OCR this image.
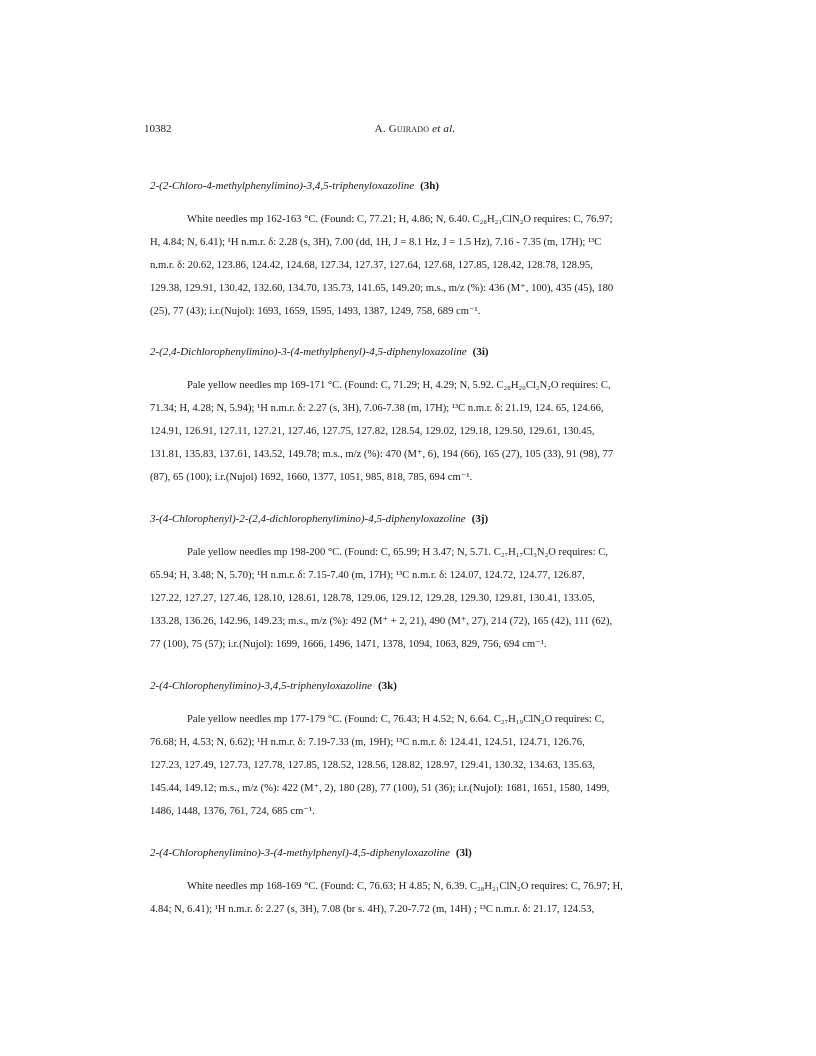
10382	A. Guirado et al.
2-(2-Chloro-4-methylphenylimino)-3,4,5-triphenyloxazoline (3h)
White needles mp 162-163 °C. (Found: C, 77.21; H, 4.86; N, 6.40. C₂₈H₂₁ClN₂O requires: C, 76.97;
H, 4.84; N, 6.41); ¹H n.m.r. δ: 2.28 (s, 3H), 7.00 (dd, 1H, J = 8.1 Hz, J = 1.5 Hz), 7.16 - 7.35 (m, 17H); ¹³C
n.m.r. δ: 20.62, 123.86, 124.42, 124.68, 127.34, 127.37, 127.64, 127.68, 127.85, 128.42, 128.78, 128.95,
129.38, 129.91, 130.42, 132.60, 134.70, 135.73, 141.65, 149.20; m.s., m/z (%): 436 (M⁺, 100), 435 (45), 180
(25), 77 (43); i.r.(Nujol): 1693, 1659, 1595, 1493, 1387, 1249, 758, 689 cm⁻¹.
2-(2,4-Dichlorophenylimino)-3-(4-methylphenyl)-4,5-diphenyloxazoline (3i)
Pale yellow needles mp 169-171 °C. (Found: C, 71.29; H, 4.29; N, 5.92. C₂₈H₂₀Cl₂N₂O requires: C,
71.34; H, 4.28; N, 5.94); ¹H n.m.r. δ: 2.27 (s, 3H), 7.06-7.38 (m, 17H); ¹³C n.m.r. δ: 21.19, 124. 65, 124.66,
124.91, 126.91, 127.11, 127.21, 127.46, 127.75, 127.82, 128.54, 129.02, 129.18, 129.50, 129.61, 130.45,
131.81, 135.83, 137.61, 143.52, 149.78; m.s., m/z (%): 470 (M⁺, 6), 194 (66), 165 (27), 105 (33), 91 (98), 77
(87), 65 (100); i.r.(Nujol) 1692, 1660, 1377, 1051, 985, 818, 785, 694 cm⁻¹.
3-(4-Chlorophenyl)-2-(2,4-dichlorophenylimino)-4,5-diphenyloxazoline (3j)
Pale yellow needles mp 198-200 °C. (Found: C, 65.99; H 3.47; N, 5.71. C₂₇H₁₇Cl₃N₂O requires: C,
65.94; H, 3.48; N, 5.70); ¹H n.m.r. δ: 7.15-7.40 (m, 17H); ¹³C n.m.r. δ: 124.07, 124.72, 124.77, 126.87,
127.22, 127.27, 127.46, 128.10, 128.61, 128.78, 129.06, 129.12, 129.28, 129.30, 129.81, 130.41, 133.05,
133.28, 136.26, 142.96, 149.23; m.s., m/z (%): 492 (M⁺ + 2, 21), 490 (M⁺, 27), 214 (72), 165 (42), 111 (62),
77 (100), 75 (57); i.r.(Nujol): 1699, 1666, 1496, 1471, 1378, 1094, 1063, 829, 756, 694 cm⁻¹.
2-(4-Chlorophenylimino)-3,4,5-triphenyloxazoline (3k)
Pale yellow needles mp 177-179 °C. (Found: C, 76.43; H 4.52; N, 6.64. C₂₇H₁₉ClN₂O requires: C,
76.68; H, 4.53; N, 6.62); ¹H n.m.r. δ: 7.19-7.33 (m, 19H); ¹³C n.m.r. δ: 124.41, 124.51, 124.71, 126.76,
127.23, 127.49, 127.73, 127.78, 127.85, 128.52, 128.56, 128.82, 128.97, 129.41, 130.32, 134.63, 135.63,
145.44, 149.12; m.s., m/z (%): 422 (M⁺, 2), 180 (28), 77 (100), 51 (36); i.r.(Nujol): 1681, 1651, 1580, 1499,
1486, 1448, 1376, 761, 724, 685 cm⁻¹.
2-(4-Chlorophenylimino)-3-(4-methylphenyl)-4,5-diphenyloxazoline (3l)
White needles mp 168-169 °C. (Found: C, 76.63; H 4.85; N, 6.39. C₂₈H₂₁ClN₂O requires: C, 76.97; H,
4.84; N, 6.41); ¹H n.m.r. δ: 2.27 (s, 3H), 7.08 (br s. 4H), 7.20-7.72 (m, 14H) ; ¹³C n.m.r. δ: 21.17, 124.53,
